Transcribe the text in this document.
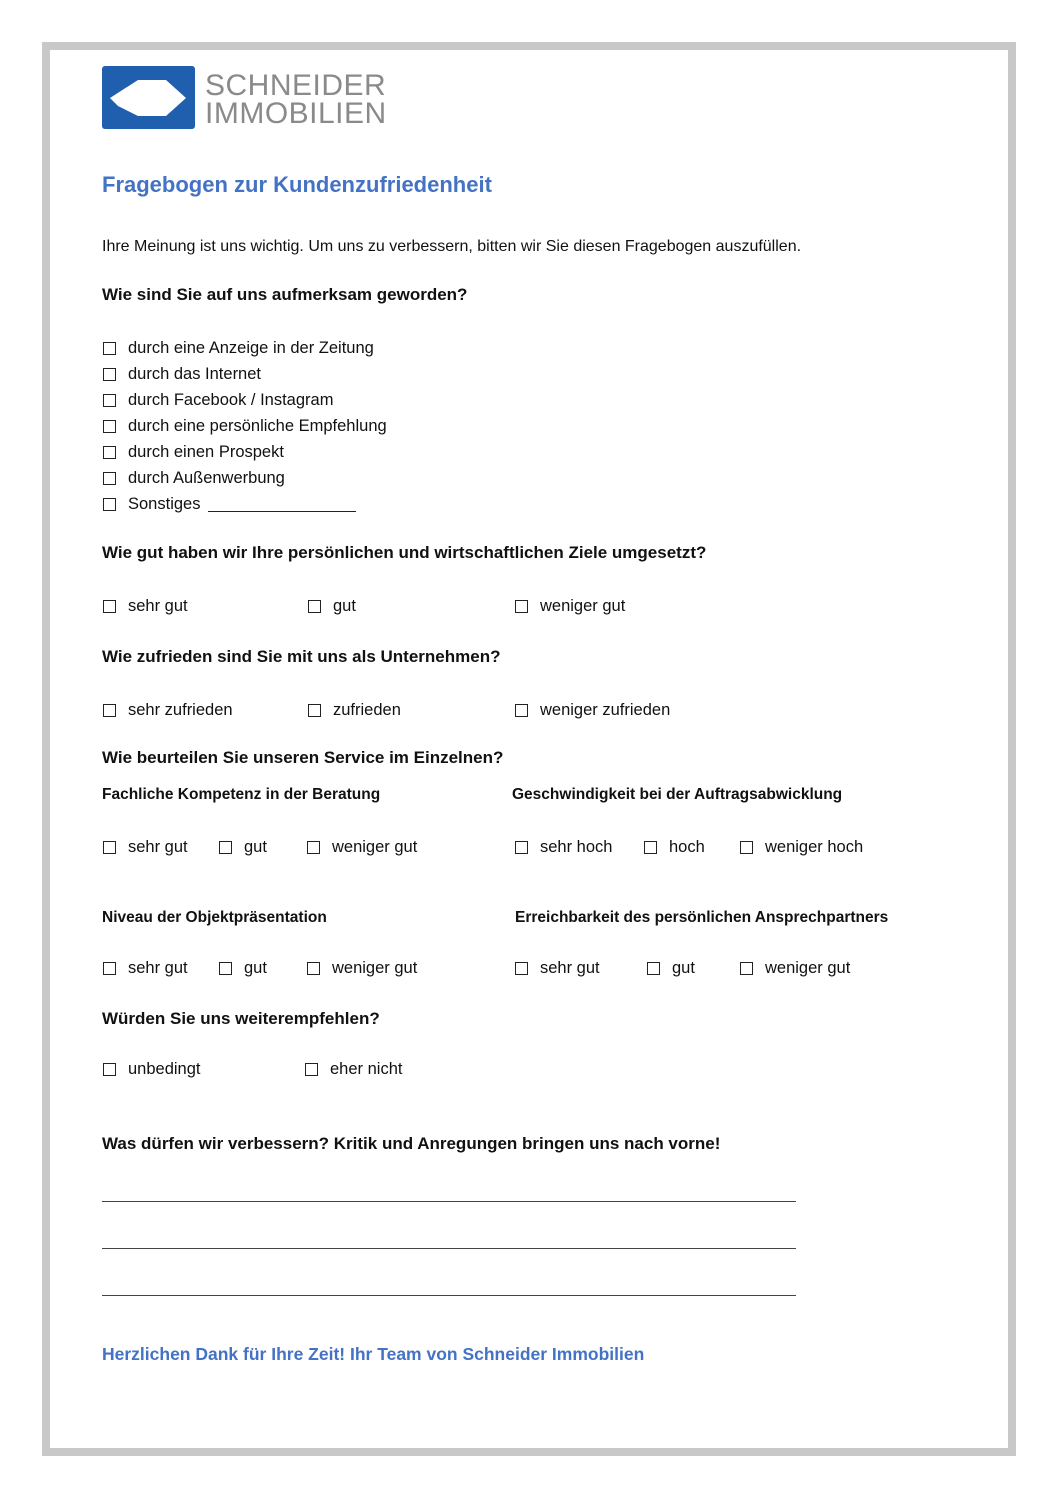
SCHNEIDER
IMMOBILIEN
Fragebogen zur Kundenzufriedenheit
Ihre Meinung ist uns wichtig. Um uns zu verbessern, bitten wir Sie diesen Fragebogen auszufüllen.
Wie sind Sie auf uns aufmerksam geworden?
durch eine Anzeige in der Zeitung
durch das Internet
durch Facebook / Instagram
durch eine persönliche Empfehlung
durch einen Prospekt
durch Außenwerbung
Sonstiges
Wie gut haben wir Ihre persönlichen und wirtschaftlichen Ziele umgesetzt?
sehr gut	gut	weniger gut
Wie zufrieden sind Sie mit uns als Unternehmen?
sehr zufrieden	zufrieden	weniger zufrieden
Wie beurteilen Sie unseren Service im Einzelnen?
Fachliche Kompetenz in der Beratung	Geschwindigkeit bei der Auftragsabwicklung
sehr gut	gut	weniger gut	sehr hoch	hoch	weniger hoch
Niveau der Objektpräsentation	Erreichbarkeit des persönlichen Ansprechpartners
sehr gut	gut	weniger gut	sehr gut	gut	weniger gut
Würden Sie uns weiterempfehlen?
unbedingt	eher nicht
Was dürfen wir verbessern? Kritik und Anregungen bringen uns nach vorne!
Herzlichen Dank für Ihre Zeit! Ihr Team von Schneider Immobilien
